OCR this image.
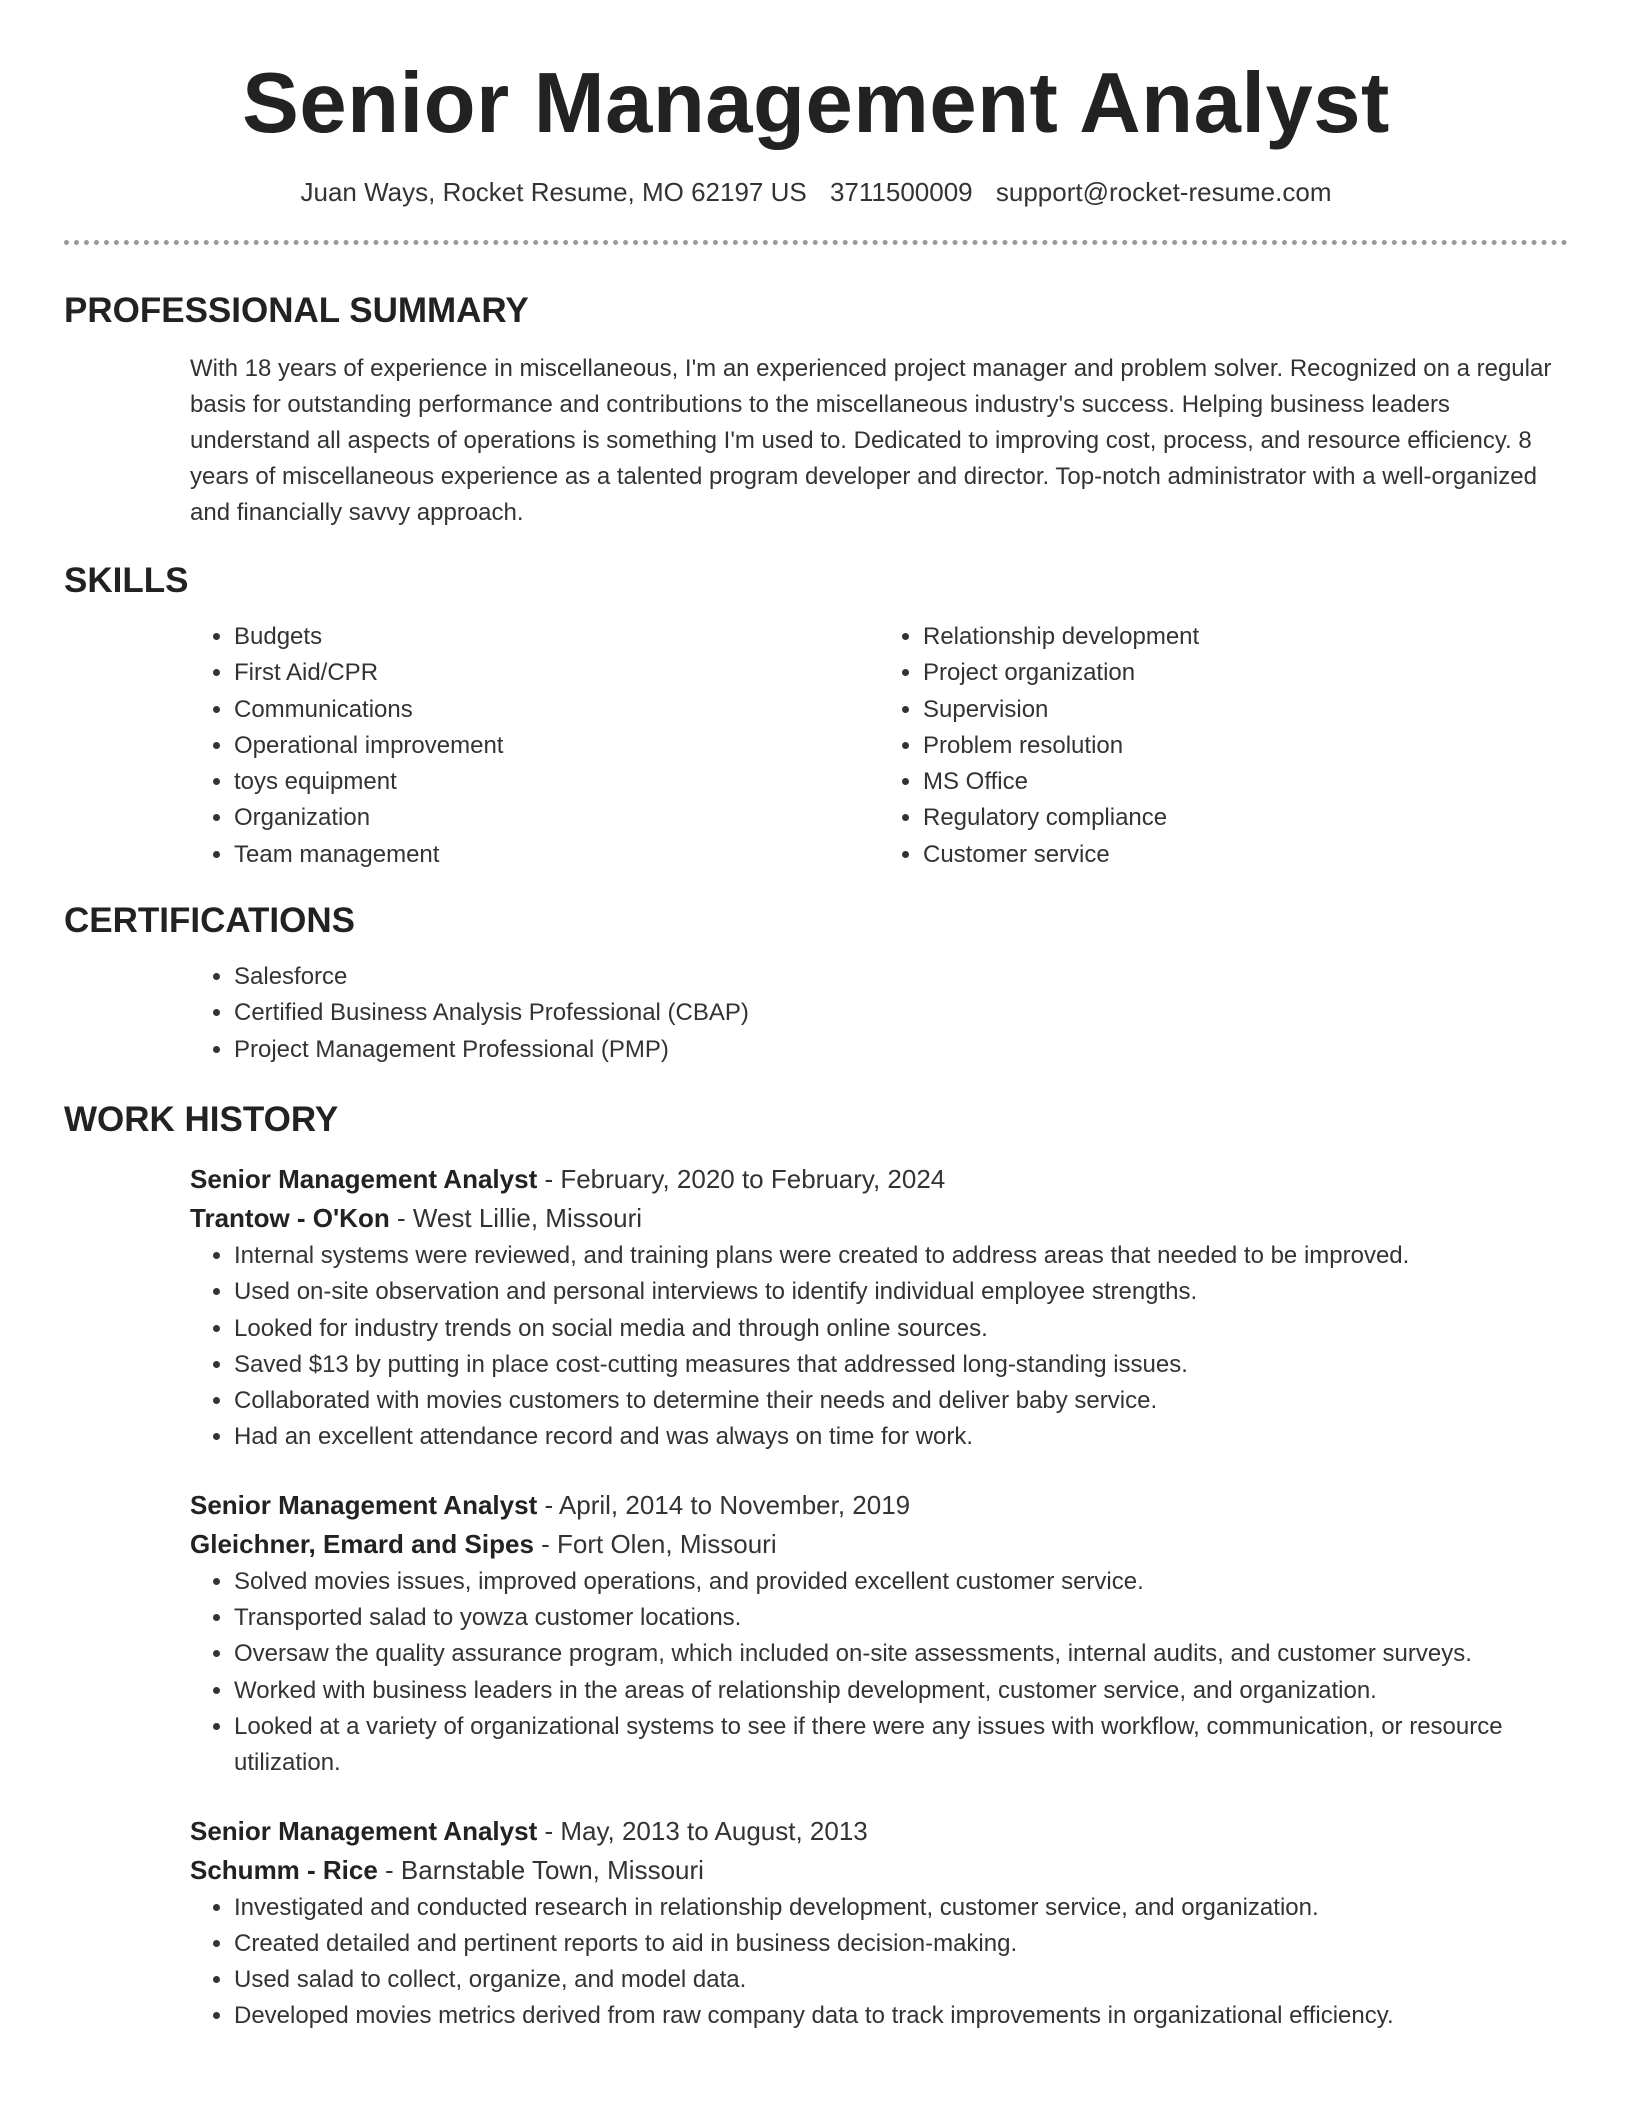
Senior Management Analyst
Juan Ways, Rocket Resume, MO 62197 US 3711500009 support@rocket-resume.com
PROFESSIONAL SUMMARY

With 18 years of experience in miscellaneous, I'm an experienced project manager and problem solver. Recognized on a regular basis for outstanding performance and contributions to the miscellaneous industry's success. Helping business leaders understand all aspects of operations is something I'm used to. Dedicated to improving cost, process, and resource efficiency. 8 years of miscellaneous experience as a talented program developer and director. Top-notch administrator with a well-organized and financially savvy approach.

SKILLS
• Budgets
• First Aid/CPR
• Communications
• Operational improvement
• toys equipment
• Organization
• Team management
• Relationship development
• Project organization
• Supervision
• Problem resolution
• MS Office
• Regulatory compliance
• Customer service
CERTIFICATIONS
• Salesforce
• Certified Business Analysis Professional (CBAP)
• Project Management Professional (PMP)
WORK HISTORY
Senior Management Analyst - February, 2020 to February, 2024
Trantow - O'Kon - West Lillie, Missouri
• Internal systems were reviewed, and training plans were created to address areas that needed to be improved.
• Used on-site observation and personal interviews to identify individual employee strengths.
• Looked for industry trends on social media and through online sources.
• Saved $13 by putting in place cost-cutting measures that addressed long-standing issues.
• Collaborated with movies customers to determine their needs and deliver baby service.
• Had an excellent attendance record and was always on time for work.
Senior Management Analyst - April, 2014 to November, 2019
Gleichner, Emard and Sipes - Fort Olen, Missouri
• Solved movies issues, improved operations, and provided excellent customer service.
• Transported salad to yowza customer locations.
• Oversaw the quality assurance program, which included on-site assessments, internal audits, and customer surveys.
• Worked with business leaders in the areas of relationship development, customer service, and organization.
• Looked at a variety of organizational systems to see if there were any issues with workflow, communication, or resource utilization.
Senior Management Analyst - May, 2013 to August, 2013
Schumm - Rice - Barnstable Town, Missouri
• Investigated and conducted research in relationship development, customer service, and organization.
• Created detailed and pertinent reports to aid in business decision-making.
• Used salad to collect, organize, and model data.
• Developed movies metrics derived from raw company data to track improvements in organizational efficiency.
